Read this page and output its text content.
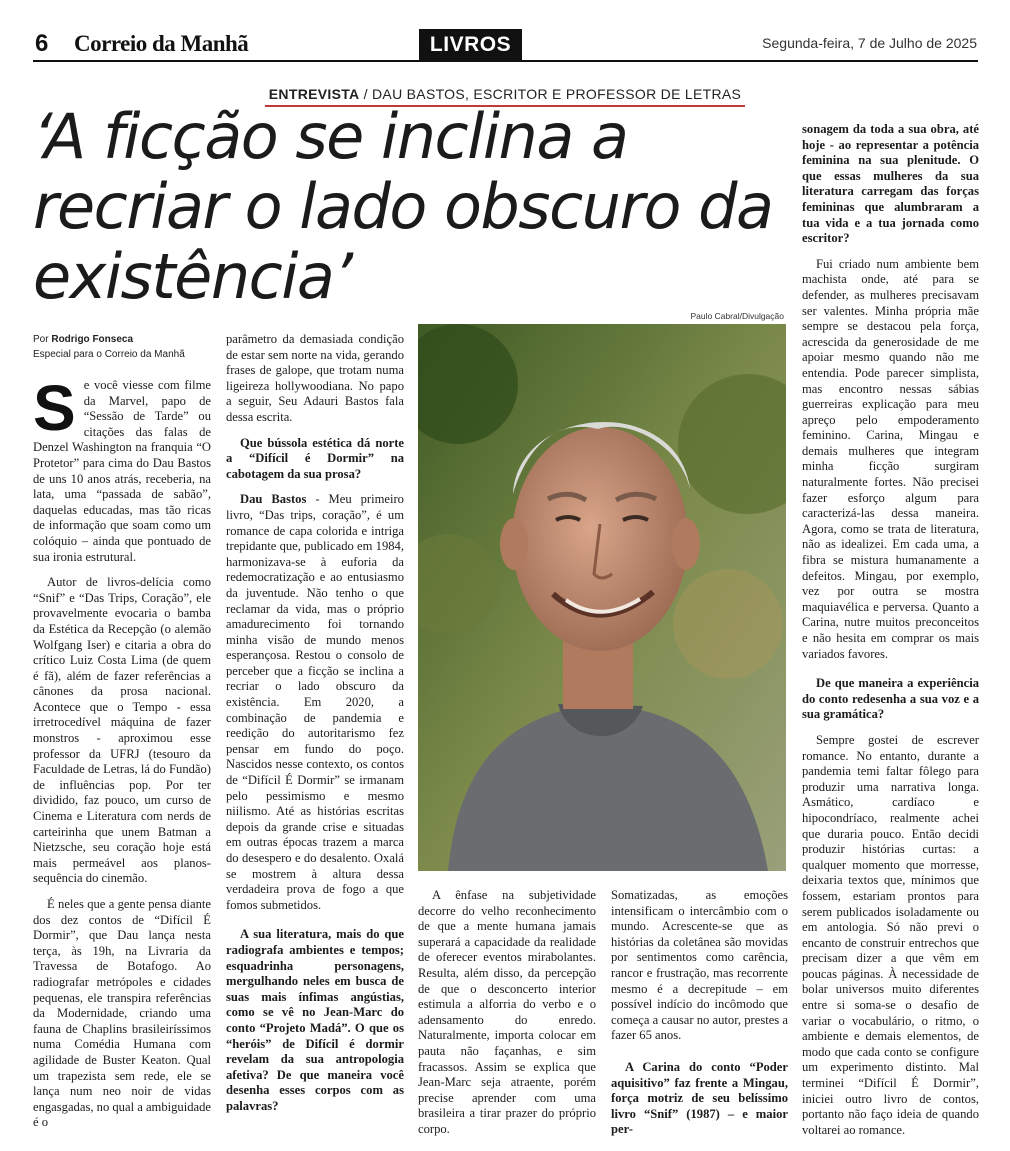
6 Correio da Manhã	LIVROS	Segunda-feira, 7 de Julho de 2025
ENTREVISTA / DAU BASTOS, ESCRITOR E PROFESSOR DE LETRAS
‘A ficção se inclina a recriar o lado obscuro da existência’
Por Rodrigo Fonseca
Especial para o Correio da Manhã

Se você viesse com filme da Marvel, papo de “Sessão de Tarde” ou citações das falas de Denzel Washington na franquia “O Protetor” para cima do Dau Bastos de uns 10 anos atrás, receberia, na lata, uma “passada de sabão”, daquelas educadas, mas tão ricas de informação que soam como um colóquio – ainda que pontuado de sua ironia estrutural.

Autor de livros-delícia como “Snif” e “Das Trips, Coração”, ele provavelmente evocaria o bamba da Estética da Recepção (o alemão Wolfgang Iser) e citaria a obra do crítico Luiz Costa Lima (de quem é fã), além de fazer referências a cânones da prosa nacional. Acontece que o Tempo - essa irretrocedível máquina de fazer monstros - aproximou esse professor da UFRJ (tesouro da Faculdade de Letras, lá do Fundão) de influências pop. Por ter dividido, faz pouco, um curso de Cinema e Literatura com nerds de carteirinha que unem Batman a Nietzsche, seu coração hoje está mais permeável aos planos-sequência do cinemão.

É neles que a gente pensa diante dos dez contos de “Difícil É Dormir”, que Dau lança nesta terça, às 19h, na Livraria da Travessa de Botafogo. Ao radiografar metrópoles e cidades pequenas, ele transpira referências da Modernidade, criando uma fauna de Chaplins brasileiríssimos numa Comédia Humana com agilidade de Buster Keaton. Qual um trapezista sem rede, ele se lança num neo noir de vidas engasgadas, no qual a ambiguidade é o

parâmetro da demasiada condição de estar sem norte na vida, gerando frases de galope, que trotam numa ligeireza hollywoodiana. No papo a seguir, Seu Adauri Bastos fala dessa escrita.

Que bússola estética dá norte a “Difícil é Dormir” na cabotagem da sua prosa?

Dau Bastos - Meu primeiro livro, “Das trips, coração”, é um romance de capa colorida e intriga trepidante que, publicado em 1984, harmonizava-se à euforia da redemocratização e ao entusiasmo da juventude. Não tenho o que reclamar da vida, mas o próprio amadurecimento foi tornando minha visão de mundo menos esperançosa. Restou o consolo de perceber que a ficção se inclina a recriar o lado obscuro da existência. Em 2020, a combinação de pandemia e reedição do autoritarismo fez pensar em fundo do poço. Nascidos nesse contexto, os contos de “Difícil É Dormir” se irmanam pelo pessimismo e mesmo niilismo. Até as histórias escritas depois da grande crise e situadas em outras épocas trazem a marca do desespero e do desalento. Oxalá se mostrem à altura dessa verdadeira prova de fogo a que fomos submetidos.

A sua literatura, mais do que radiografa ambientes e tempos; esquadrinha personagens, mergulhando neles em busca de suas mais ínfimas angústias, como se vê no Jean-Marc do conto “Projeto Madá”. O que os “heróis” de Difícil é dormir revelam da sua antropologia afetiva? De que maneira você desenha esses corpos com as palavras?

Paulo Cabral/Divulgação

A ênfase na subjetividade decorre do velho reconhecimento de que a mente humana jamais superará a capacidade da realidade de oferecer eventos mirabolantes. Resulta, além disso, da percepção de que o desconcerto interior estimula a alforria do verbo e o adensamento do enredo. Naturalmente, importa colocar em pauta não façanhas, e sim fracassos. Assim se explica que Jean-Marc seja atraente, porém precise aprender com uma brasileira a tirar prazer do próprio corpo.

Somatizadas, as emoções intensificam o intercâmbio com o mundo. Acrescente-se que as histórias da coletânea são movidas por sentimentos como carência, rancor e frustração, mas recorrente mesmo é a decrepitude – em possível indício do incômodo que começa a causar no autor, prestes a fazer 65 anos.

A Carina do conto “Poder aquisitivo” faz frente a Mingau, força motriz de seu belíssimo livro “Snif” (1987) – e maior per-

sonagem da toda a sua obra, até hoje - ao representar a potência feminina na sua plenitude. O que essas mulheres da sua literatura carregam das forças femininas que alumbraram a tua vida e a tua jornada como escritor?

Fui criado num ambiente bem machista onde, até para se defender, as mulheres precisavam ser valentes. Minha própria mãe sempre se destacou pela força, acrescida da generosidade de me apoiar mesmo quando não me entendia. Pode parecer simplista, mas encontro nessas sábias guerreiras explicação para meu apreço pelo empoderamento feminino. Carina, Mingau e demais mulheres que integram minha ficção surgiram naturalmente fortes. Não precisei fazer esforço algum para caracterizá-las dessa maneira. Agora, como se trata de literatura, não as idealizei. Em cada uma, a fibra se mistura humanamente a defeitos. Mingau, por exemplo, vez por outra se mostra maquiavélica e perversa. Quanto a Carina, nutre muitos preconceitos e não hesita em comprar os mais variados favores.

De que maneira a experiência do conto redesenha a sua voz e a sua gramática?

Sempre gostei de escrever romance. No entanto, durante a pandemia temi faltar fôlego para produzir uma narrativa longa. Asmático, cardíaco e hipocondríaco, realmente achei que duraria pouco. Então decidi produzir histórias curtas: a qualquer momento que morresse, deixaria textos que, mínimos que fossem, estariam prontos para serem publicados isoladamente ou em antologia. Só não previ o encanto de construir entrechos que precisam dizer a que vêm em poucas páginas. À necessidade de bolar universos muito diferentes entre si soma-se o desafio de variar o vocabulário, o ritmo, o ambiente e demais elementos, de modo que cada conto se configure um experimento distinto. Mal terminei “Difícil É Dormir”, iniciei outro livro de contos, portanto não faço ideia de quando voltarei ao romance.
